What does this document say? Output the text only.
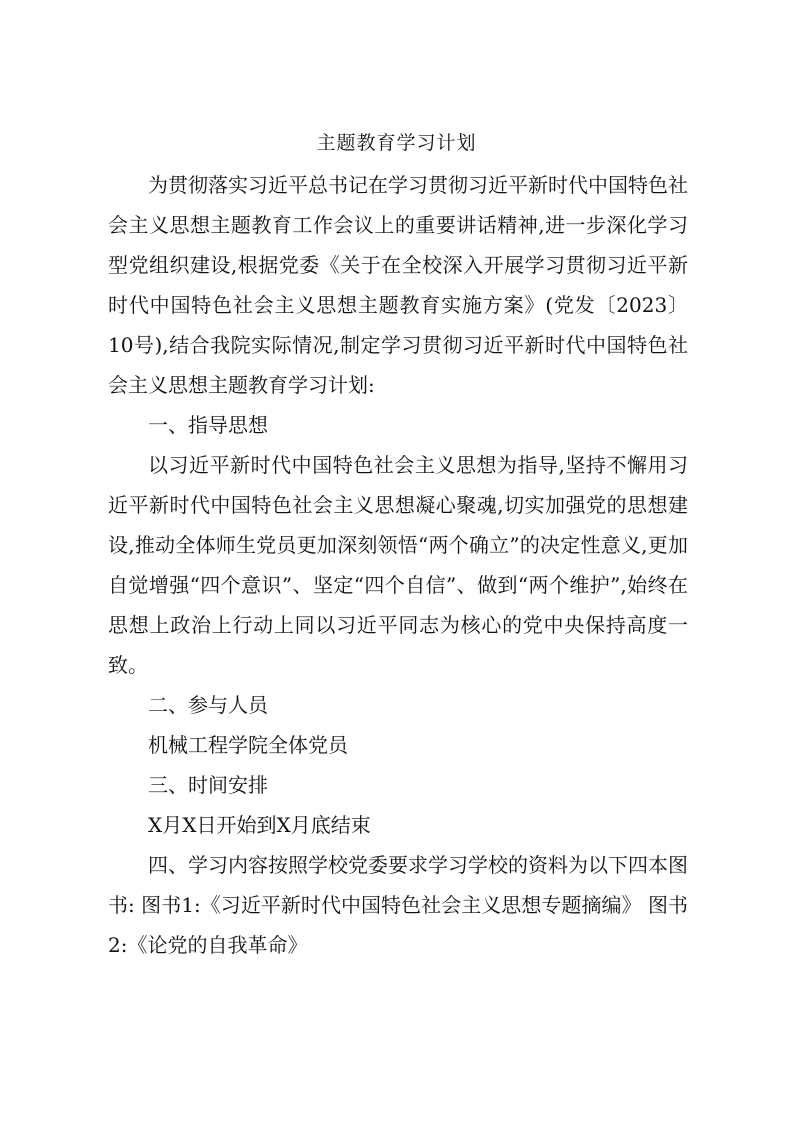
主题教育学习计划

为贯彻落实习近平总书记在学习贯彻习近平新时代中国特色社会主义思想主题教育工作会议上的重要讲话精神,进一步深化学习型党组织建设,根据党委《关于在全校深入开展学习贯彻习近平新时代中国特色社会主义思想主题教育实施方案》(党发〔2023〕10号),结合我院实际情况,制定学习贯彻习近平新时代中国特色社会主义思想主题教育学习计划:

一、指导思想

以习近平新时代中国特色社会主义思想为指导,坚持不懈用习近平新时代中国特色社会主义思想凝心聚魂,切实加强党的思想建设,推动全体师生党员更加深刻领悟“两个确立”的决定性意义,更加自觉增强“四个意识”、坚定“四个自信”、做到“两个维护”,始终在思想上政治上行动上同以习近平同志为核心的党中央保持高度一致。

二、参与人员

机械工程学院全体党员

三、时间安排

X月X日开始到X月底结束

四、学习内容按照学校党委要求学习学校的资料为以下四本图书: 图书1:《习近平新时代中国特色社会主义思想专题摘编》 图书2:《论党的自我革命》
